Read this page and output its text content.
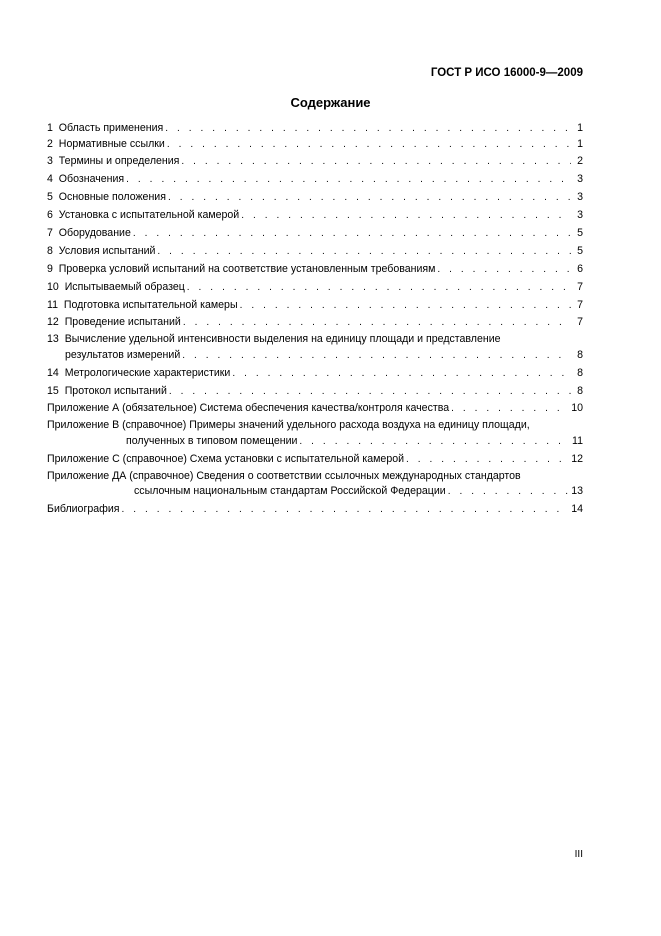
ГОСТ Р ИСО 16000-9—2009
Содержание
1 Область применения . . .	1
2 Нормативные ссылки . . .	1
3 Термины и определения . . .	2
4 Обозначения . . .	3
5 Основные положения . . .	3
6 Установка с испытательной камерой . . .	3
7 Оборудование . . .	5
8 Условия испытаний . . .	5
9 Проверка условий испытаний на соответствие установленным требованиям . . .	6
10 Испытываемый образец . . .	7
11 Подготовка испытательной камеры . . .	7
12 Проведение испытаний . . .	7
13 Вычисление удельной интенсивности выделения на единицу площади и представление
результатов измерений . . .	8
14 Метрологические характеристики . . .	8
15 Протокол испытаний . . .	8
Приложение А (обязательное) Система обеспечения качества/контроля качества . . .	10
Приложение В (справочное) Примеры значений удельного расхода воздуха на единицу площади,
полученных в типовом помещении . . .	11
Приложение С (справочное) Схема установки с испытательной камерой . . .	12
Приложение ДА (справочное) Сведения о соответствии ссылочных международных стандартов
ссылочным национальным стандартам Российской Федерации . . .	13
Библиография . . .	14
III
